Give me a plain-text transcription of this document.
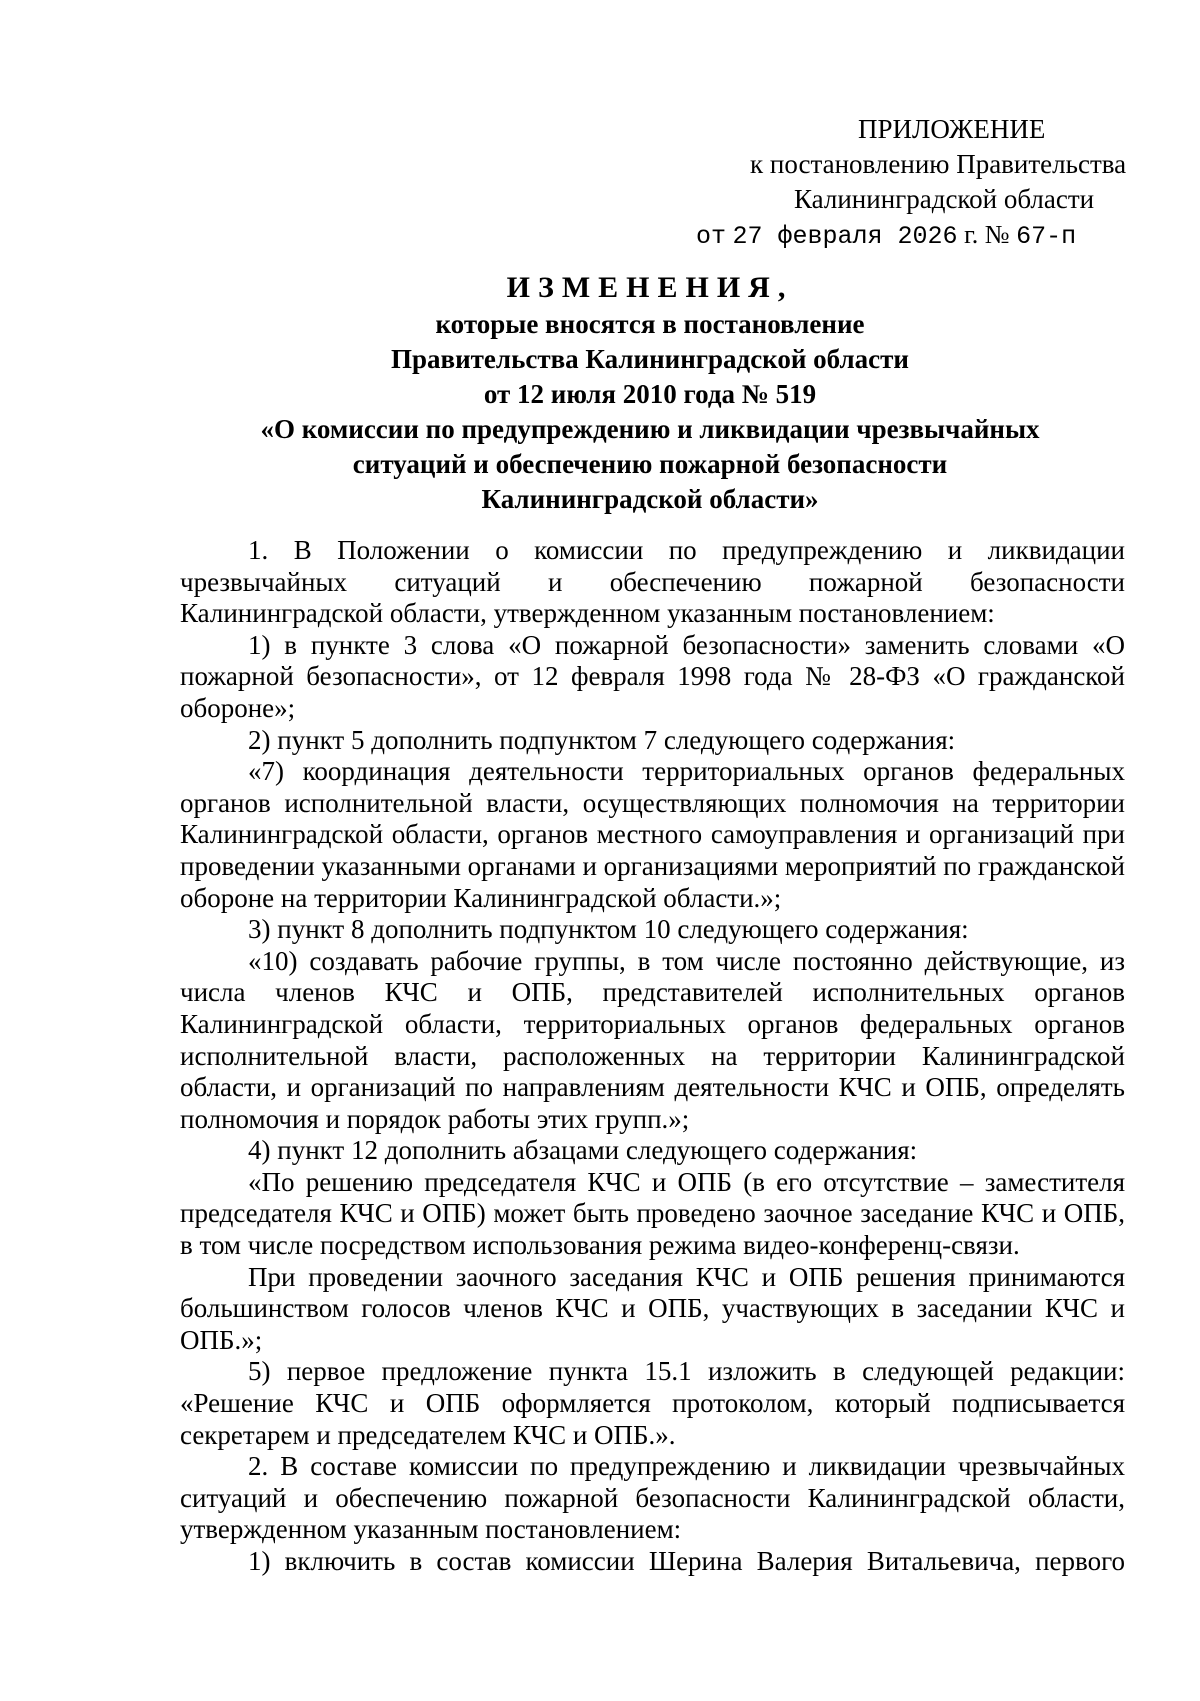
ПРИЛОЖЕНИЕ
к постановлению Правительства
Калининградской области
от 27 февраля 2026 г. № 67-п
ИЗМЕНЕНИЯ,
которые вносятся в постановление
Правительства Калининградской области
от 12 июля 2010 года № 519
«О комиссии по предупреждению и ликвидации чрезвычайных
ситуаций и обеспечению пожарной безопасности
Калининградской области»

1. В Положении о комиссии по предупреждению и ликвидации чрезвычайных ситуаций и обеспечению пожарной безопасности Калининградской области, утвержденном указанным постановлением:

1) в пункте 3 слова «О пожарной безопасности» заменить словами «О пожарной безопасности», от 12 февраля 1998 года № 28-ФЗ «О гражданской обороне»;

2) пункт 5 дополнить подпунктом 7 следующего содержания:

«7) координация деятельности территориальных органов федеральных органов исполнительной власти, осуществляющих полномочия на территории Калининградской области, органов местного самоуправления и организаций при проведении указанными органами и организациями мероприятий по гражданской обороне на территории Калининградской области.»;

3) пункт 8 дополнить подпунктом 10 следующего содержания:

«10) создавать рабочие группы, в том числе постоянно действующие, из числа членов КЧС и ОПБ, представителей исполнительных органов Калининградской области, территориальных органов федеральных органов исполнительной власти, расположенных на территории Калининградской области, и организаций по направлениям деятельности КЧС и ОПБ, определять полномочия и порядок работы этих групп.»;

4) пункт 12 дополнить абзацами следующего содержания:

«По решению председателя КЧС и ОПБ (в его отсутствие – заместителя председателя КЧС и ОПБ) может быть проведено заочное заседание КЧС и ОПБ, в том числе посредством использования режима видео-конференц-связи.

При проведении заочного заседания КЧС и ОПБ решения принимаются большинством голосов членов КЧС и ОПБ, участвующих в заседании КЧС и ОПБ.»;

5) первое предложение пункта 15.1 изложить в следующей редакции: «Решение КЧС и ОПБ оформляется протоколом, который подписывается секретарем и председателем КЧС и ОПБ.».

2. В составе комиссии по предупреждению и ликвидации чрезвычайных ситуаций и обеспечению пожарной безопасности Калининградской области, утвержденном указанным постановлением:

1) включить в состав комиссии Шерина Валерия Витальевича, первого
